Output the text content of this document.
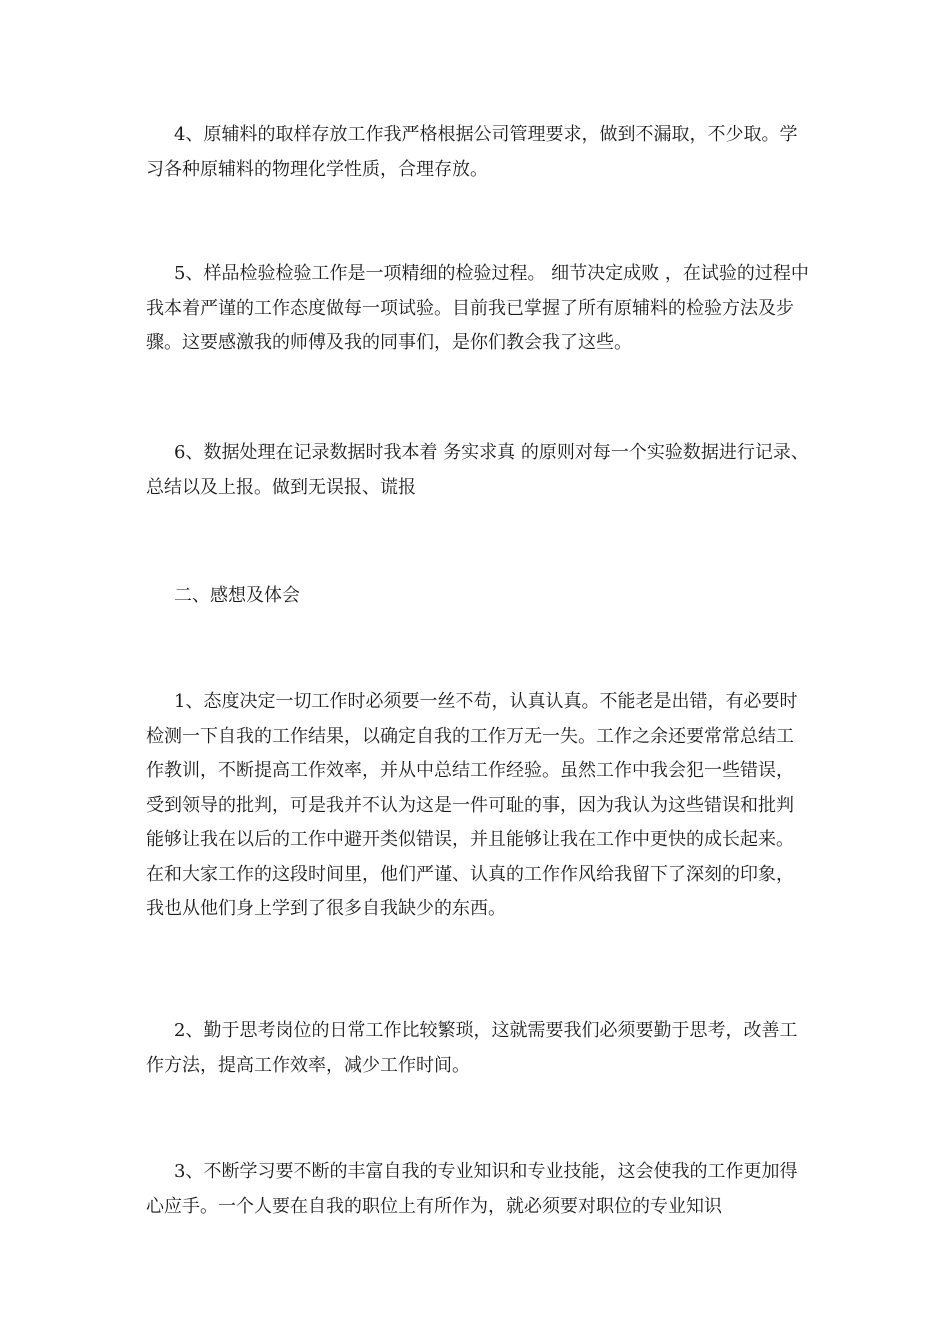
4、原辅料的取样存放工作我严格根据公司管理要求，做到不漏取，不少取。学习各种原辅料的物理化学性质，合理存放。

5、样品检验检验工作是一项精细的检验过程。 细节决定成败 ，在试验的过程中我本着严谨的工作态度做每一项试验。目前我已掌握了所有原辅料的检验方法及步骤。这要感激我的师傅及我的同事们，是你们教会我了这些。

6、数据处理在记录数据时我本着 务实求真 的原则对每一个实验数据进行记录、总结以及上报。做到无误报、谎报

二、感想及体会

1、态度决定一切工作时必须要一丝不苟，认真认真。不能老是出错，有必要时检测一下自我的工作结果，以确定自我的工作万无一失。工作之余还要常常总结工作教训，不断提高工作效率，并从中总结工作经验。虽然工作中我会犯一些错误，受到领导的批判，可是我并不认为这是一件可耻的事，因为我认为这些错误和批判能够让我在以后的工作中避开类似错误，并且能够让我在工作中更快的成长起来。在和大家工作的这段时间里，他们严谨、认真的工作作风给我留下了深刻的印象，我也从他们身上学到了很多自我缺少的东西。

2、勤于思考岗位的日常工作比较繁琐，这就需要我们必须要勤于思考，改善工作方法，提高工作效率，减少工作时间。

3、不断学习要不断的丰富自我的专业知识和专业技能，这会使我的工作更加得心应手。一个人要在自我的职位上有所作为，就必须要对职位的专业知识
